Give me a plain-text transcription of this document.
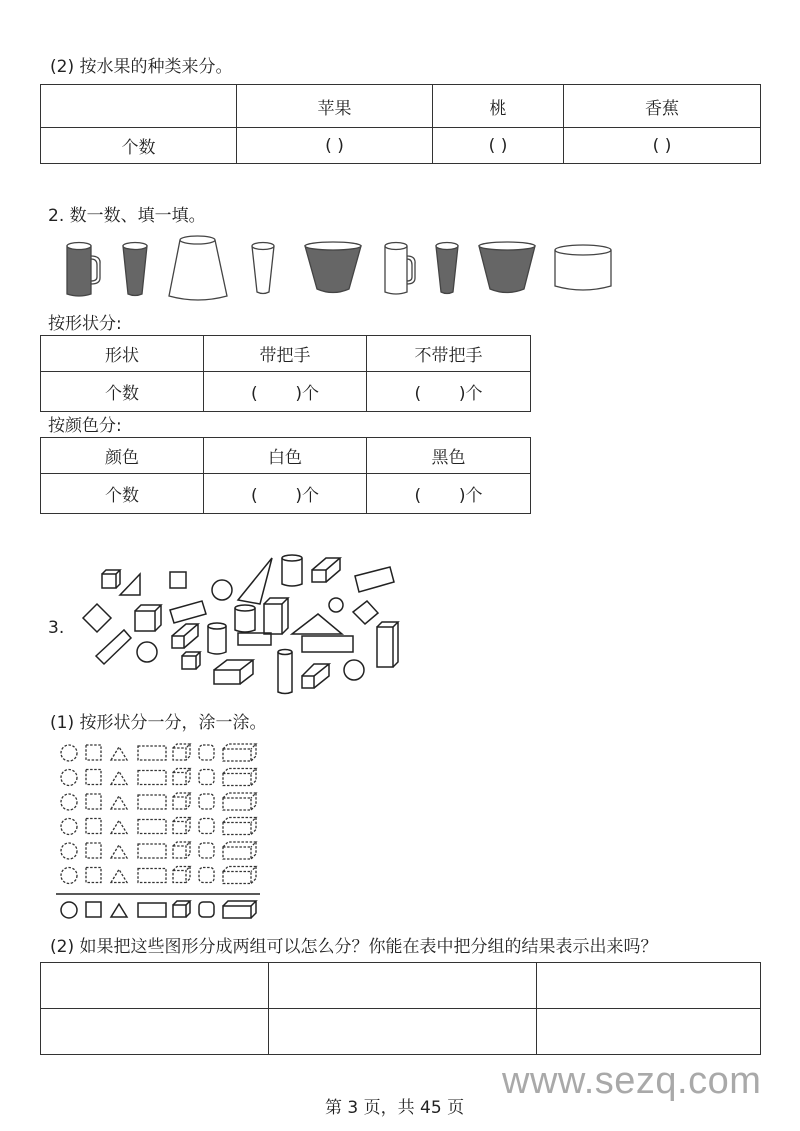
(2) 按水果的种类来分。
	苹果	桃	香蕉
个数	( )	( )	( )
2. 数一数、填一填。
按形状分:
形状	带把手	不带把手
个数	(       )个	(       )个
按颜色分:
颜色	白色	黑色
个数	(       )个	(       )个
3.
(1) 按形状分一分，涂一涂。
(2) 如果把这些图形分成两组可以怎么分？你能在表中把分组的结果表示出来吗？

www.sezq.com
第 3 页，共 45 页
